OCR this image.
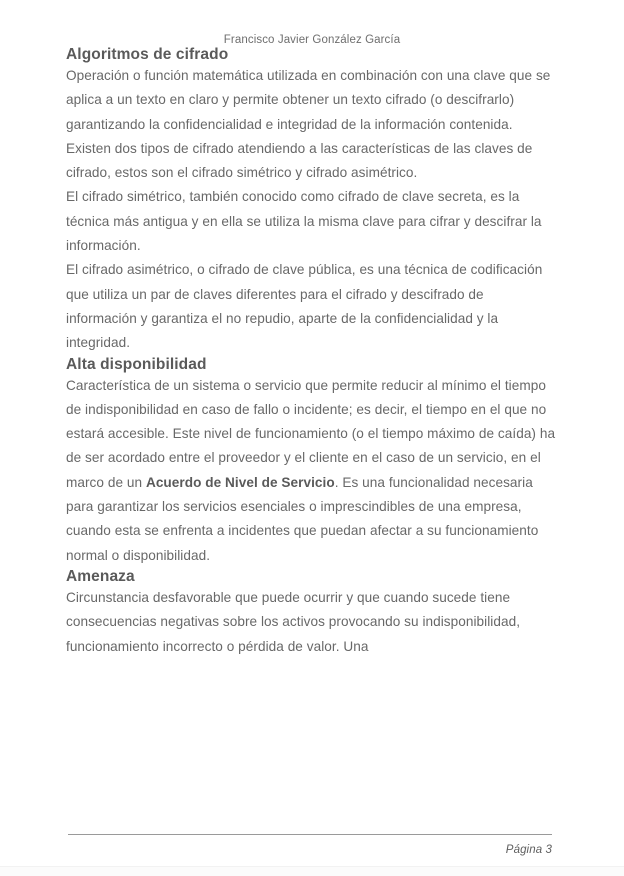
Francisco Javier González García
Algoritmos de cifrado

Operación o función matemática utilizada en combinación con una clave que se aplica a un texto en claro y permite obtener un texto cifrado (o descifrarlo) garantizando la confidencialidad e integridad de la información contenida. Existen dos tipos de cifrado atendiendo a las características de las claves de cifrado, estos son el cifrado simétrico y cifrado asimétrico.

El cifrado simétrico, también conocido como cifrado de clave secreta, es la técnica más antigua y en ella se utiliza la misma clave para cifrar y descifrar la información.

El cifrado asimétrico, o cifrado de clave pública, es una técnica de codificación que utiliza un par de claves diferentes para el cifrado y descifrado de información y garantiza el no repudio, aparte de la confidencialidad y la integridad.

Alta disponibilidad

Característica de un sistema o servicio que permite reducir al mínimo el tiempo de indisponibilidad en caso de fallo o incidente; es decir, el tiempo en el que no estará accesible. Este nivel de funcionamiento (o el tiempo máximo de caída) ha de ser acordado entre el proveedor y el cliente en el caso de un servicio, en el marco de un Acuerdo de Nivel de Servicio. Es una funcionalidad necesaria para garantizar los servicios esenciales o imprescindibles de una empresa, cuando esta se enfrenta a incidentes que puedan afectar a su funcionamiento normal o disponibilidad.

Amenaza

Circunstancia desfavorable que puede ocurrir y que cuando sucede tiene consecuencias negativas sobre los activos provocando su indisponibilidad, funcionamiento incorrecto o pérdida de valor. Una

Página 3
